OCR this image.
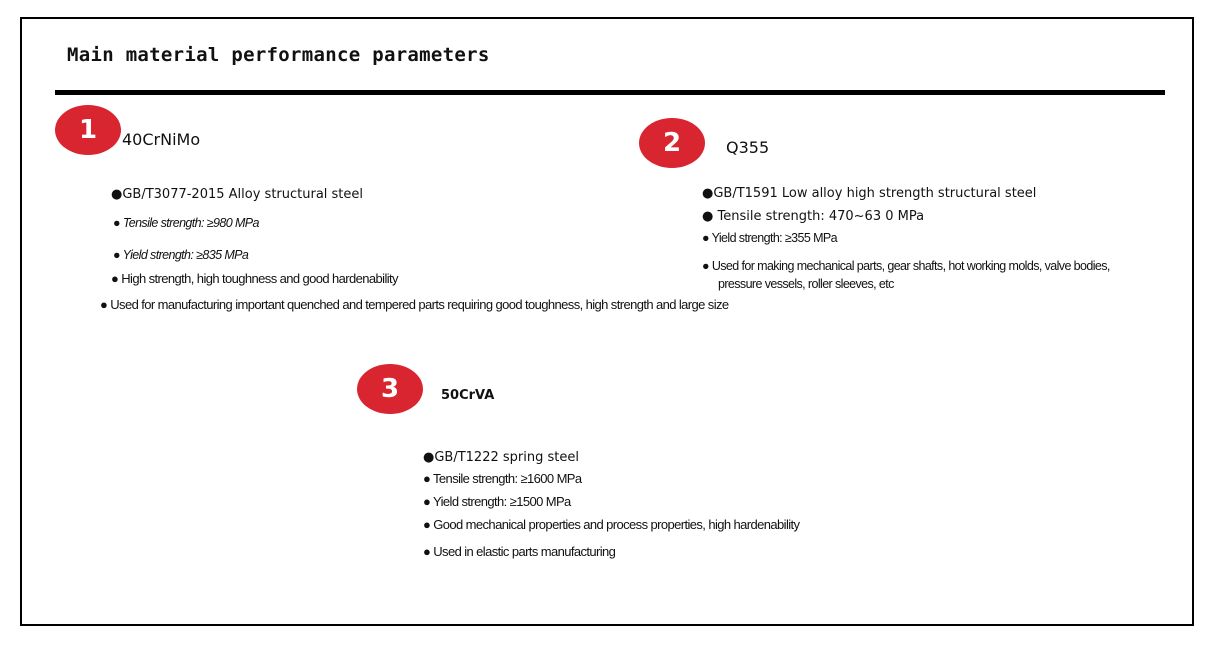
Main material performance parameters
1	40CrNiMo

●GB/T3077-2015 Alloy structural steel

● Tensile strength: ≥980 MPa

● Yield strength: ≥835 MPa

● High strength, high toughness and good hardenability

● Used for manufacturing important quenched and tempered parts requiring good toughness, high strength and large size

2	Q355

●GB/T1591 Low alloy high strength structural steel

● Tensile strength: 470~63 0 MPa

● Yield strength: ≥355 MPa

● Used for making mechanical parts, gear shafts, hot working molds, valve bodies,

pressure vessels, roller sleeves, etc

3	50CrVA

●GB/T1222 spring steel

● Tensile strength: ≥1600 MPa

● Yield strength: ≥1500 MPa

● Good mechanical properties and process properties, high hardenability

● Used in elastic parts manufacturing
